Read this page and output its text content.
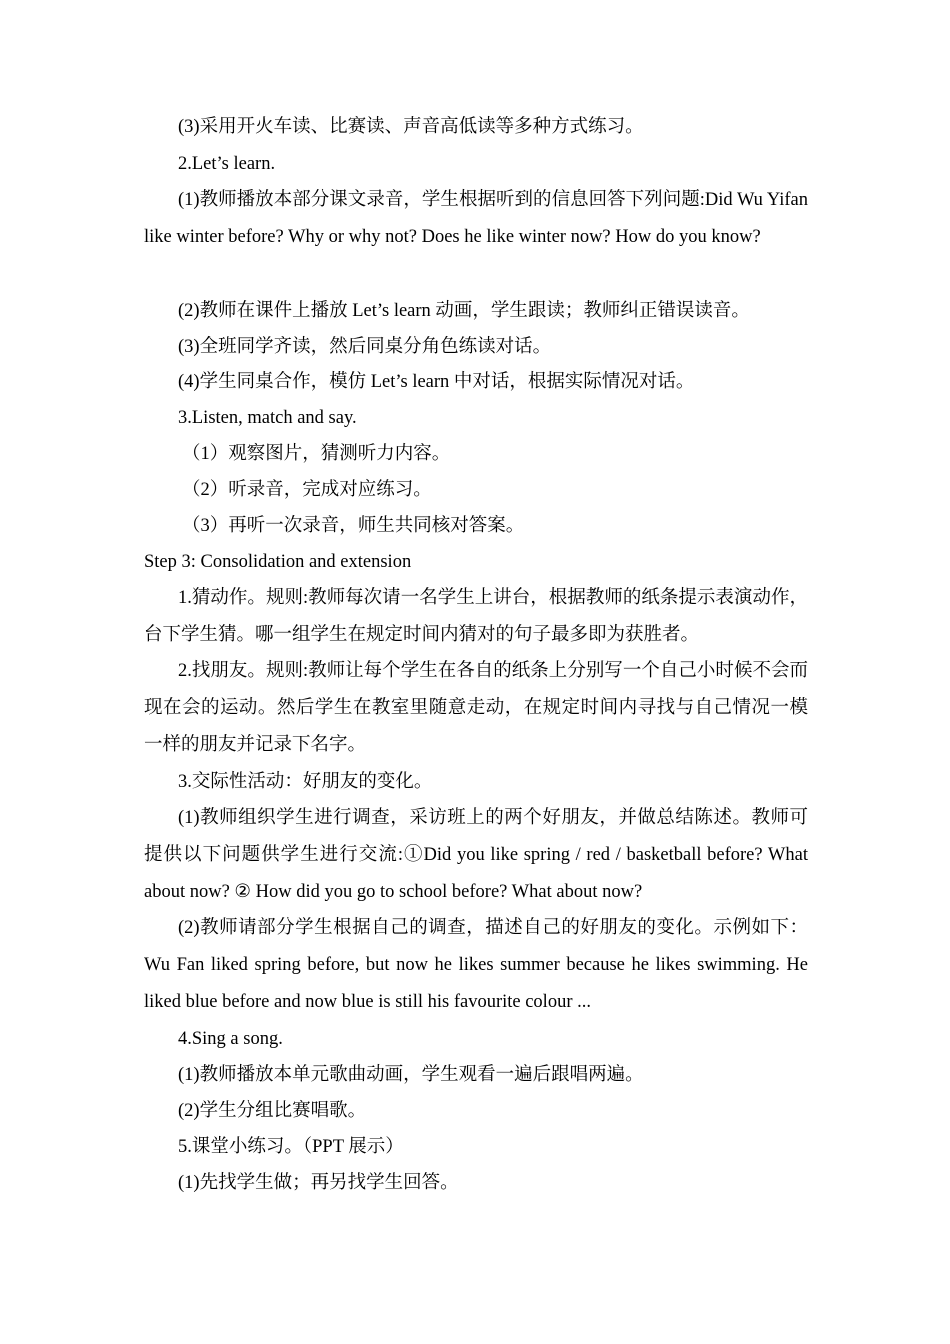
(3)采用开火车读、比赛读、声音高低读等多种方式练习。

2.Let’s learn.

(1)教师播放本部分课文录音，学生根据听到的信息回答下列问题:Did Wu Yifan like winter before? Why or why not? Does he like winter now? How do you know?

(2)教师在课件上播放 Let’s learn 动画，学生跟读；教师纠正错误读音。

(3)全班同学齐读，然后同桌分角色练读对话。

(4)学生同桌合作，模仿 Let’s learn 中对话，根据实际情况对话。

3.Listen, match and say.

（1）观察图片，猜测听力内容。

（2）听录音，完成对应练习。

（3）再听一次录音，师生共同核对答案。

Step 3: Consolidation and extension

1.猜动作。规则:教师每次请一名学生上讲台，根据教师的纸条提示表演动作，台下学生猜。哪一组学生在规定时间内猜对的句子最多即为获胜者。

2.找朋友。规则:教师让每个学生在各自的纸条上分别写一个自己小时候不会而现在会的运动。然后学生在教室里随意走动，在规定时间内寻找与自己情况一模一样的朋友并记录下名字。

3.交际性活动：好朋友的变化。

(1)教师组织学生进行调查，采访班上的两个好朋友，并做总结陈述。教师可提供以下问题供学生进行交流:①Did you like spring / red / basketball before? What about now? ② How did you go to school before? What about now?

(2)教师请部分学生根据自己的调查，描述自己的好朋友的变化。示例如下：Wu Fan liked spring before, but now he likes summer because he likes swimming. He liked blue before and now blue is still his favourite colour ...

4.Sing a song.

(1)教师播放本单元歌曲动画，学生观看一遍后跟唱两遍。

(2)学生分组比赛唱歌。

5.课堂小练习。（PPT 展示）

(1)先找学生做；再另找学生回答。
